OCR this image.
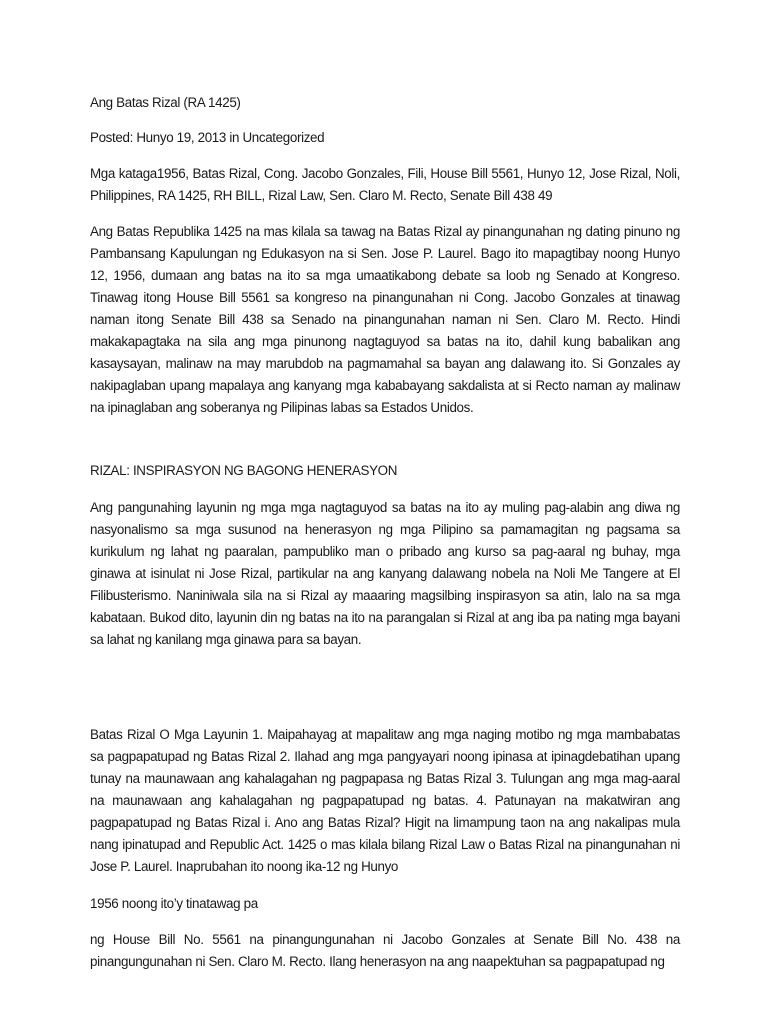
Ang Batas Rizal (RA 1425)

Posted: Hunyo 19, 2013 in Uncategorized

Mga kataga1956, Batas Rizal, Cong. Jacobo Gonzales, Fili, House Bill 5561, Hunyo 12, Jose Rizal, Noli, Philippines, RA 1425, RH BILL, Rizal Law, Sen. Claro M. Recto, Senate Bill 438 49

Ang Batas Republika 1425 na mas kilala sa tawag na Batas Rizal ay pinangunahan ng dating pinuno ng Pambansang Kapulungan ng Edukasyon na si Sen. Jose P. Laurel. Bago ito mapagtibay noong Hunyo 12, 1956, dumaan ang batas na ito sa mga umaatikabong debate sa loob ng Senado at Kongreso. Tinawag itong House Bill 5561 sa kongreso na pinangunahan ni Cong. Jacobo Gonzales at tinawag naman itong Senate Bill 438 sa Senado na pinangunahan naman ni Sen. Claro M. Recto. Hindi makakapagtaka na sila ang mga pinunong nagtaguyod sa batas na ito, dahil kung babalikan ang kasaysayan, malinaw na may marubdob na pagmamahal sa bayan ang dalawang ito. Si Gonzales ay nakipaglaban upang mapalaya ang kanyang mga kababayang sakdalista at si Recto naman ay malinaw na ipinaglaban ang soberanya ng Pilipinas labas sa Estados Unidos.

RIZAL: INSPIRASYON NG BAGONG HENERASYON

Ang pangunahing layunin ng mga mga nagtaguyod sa batas na ito ay muling pag-alabin ang diwa ng nasyonalismo sa mga susunod na henerasyon ng mga Pilipino sa pamamagitan ng pagsama sa kurikulum ng lahat ng paaralan, pampubliko man o pribado ang kurso sa pag-aaral ng buhay, mga ginawa at isinulat ni Jose Rizal, partikular na ang kanyang dalawang nobela na Noli Me Tangere at El Filibusterismo. Naniniwala sila na si Rizal ay maaaring magsilbing inspirasyon sa atin, lalo na sa mga kabataan. Bukod dito, layunin din ng batas na ito na parangalan si Rizal at ang iba pa nating mga bayani sa lahat ng kanilang mga ginawa para sa bayan.

Batas Rizal O Mga Layunin 1. Maipahayag at mapalitaw ang mga naging motibo ng mga mambabatas sa pagpapatupad ng Batas Rizal 2. Ilahad ang mga pangyayari noong ipinasa at ipinagdebatihan upang tunay na maunawaan ang kahalagahan ng pagpapasa ng Batas Rizal 3. Tulungan ang mga mag-aaral na maunawaan ang kahalagahan ng pagpapatupad ng batas. 4. Patunayan na makatwiran ang pagpapatupad ng Batas Rizal i. Ano ang Batas Rizal? Higit na limampung taon na ang nakalipas mula nang ipinatupad and Republic Act. 1425 o mas kilala bilang Rizal Law o Batas Rizal na pinangunahan ni Jose P. Laurel. Inaprubahan ito noong ika-12 ng Hunyo

1956 noong ito’y tinatawag pa

ng House Bill No. 5561 na pinangungunahan ni Jacobo Gonzales at Senate Bill No. 438 na pinangungunahan ni Sen. Claro M. Recto. Ilang henerasyon na ang naapektuhan sa pagpapatupad ng
